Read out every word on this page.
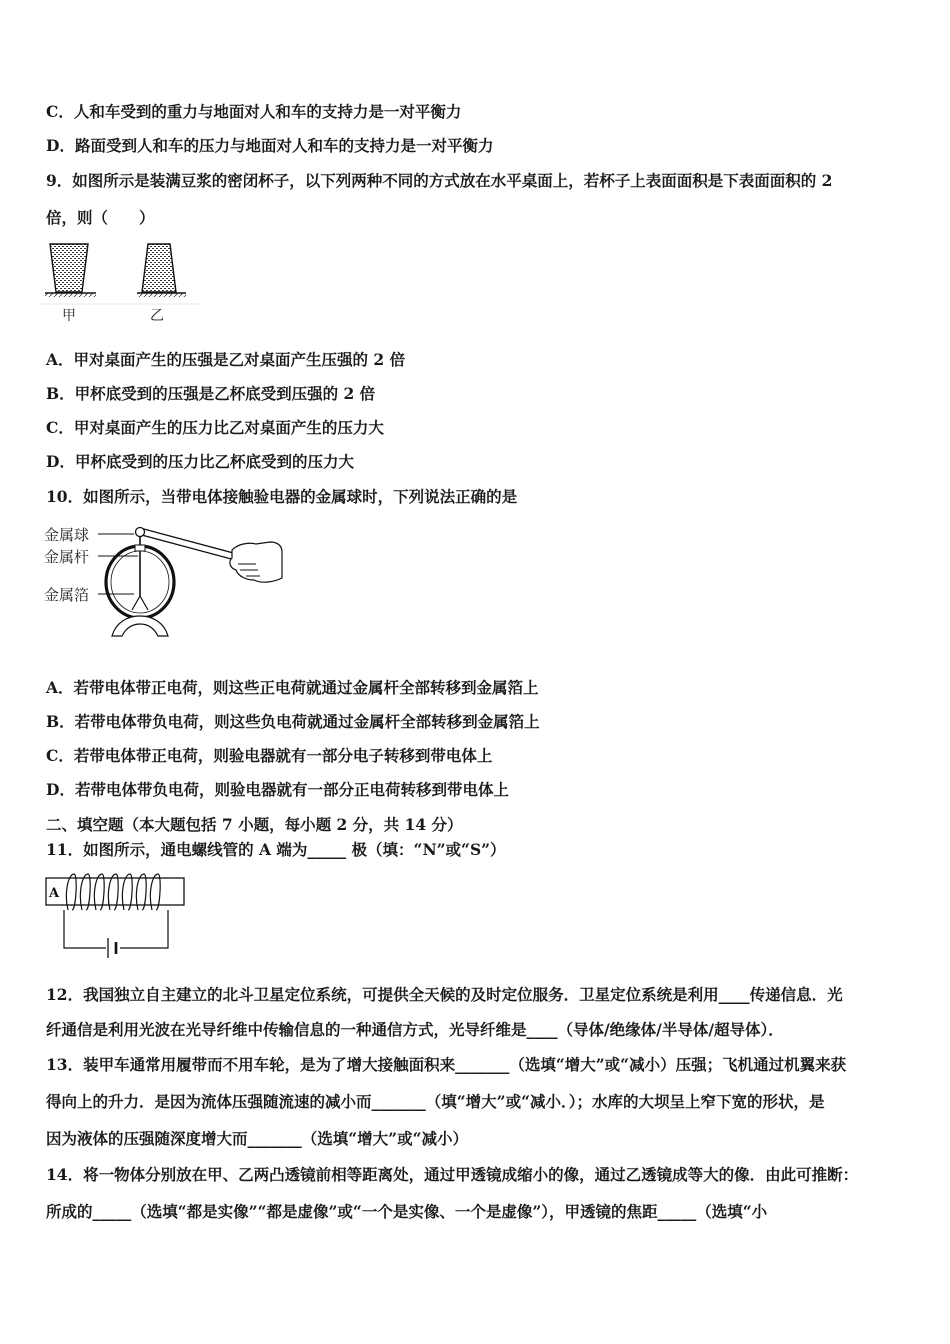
C．人和车受到的重力与地面对人和车的支持力是一对平衡力
D．路面受到人和车的压力与地面对人和车的支持力是一对平衡力
9．如图所示是装满豆浆的密闭杯子，以下列两种不同的方式放在水平桌面上，若杯子上表面面积是下表面面积的 2
倍，则（　　）
甲	乙
A．甲对桌面产生的压强是乙对桌面产生压强的 2 倍
B．甲杯底受到的压强是乙杯底受到压强的 2 倍
C．甲对桌面产生的压力比乙对桌面产生的压力大
D．甲杯底受到的压力比乙杯底受到的压力大
10．如图所示，当带电体接触验电器的金属球时，下列说法正确的是
金属球
金属杆
金属箔
A．若带电体带正电荷，则这些正电荷就通过金属杆全部转移到金属箔上
B．若带电体带负电荷，则这些负电荷就通过金属杆全部转移到金属箔上
C．若带电体带正电荷，则验电器就有一部分电子转移到带电体上
D．若带电体带负电荷，则验电器就有一部分正电荷转移到带电体上
二、填空题（本大题包括 7 小题，每小题 2 分，共 14 分）
11．如图所示，通电螺线管的 A 端为_____ 极（填：“N”或“S”）
A
12．我国独立自主建立的北斗卫星定位系统，可提供全天候的及时定位服务．卫星定位系统是利用____传递信息．光
纤通信是利用光波在光导纤维中传输信息的一种通信方式，光导纤维是____（导体/绝缘体/半导体/超导体）．
13．装甲车通常用履带而不用车轮，是为了增大接触面积来_______（选填“增大”或“减小）压强；飞机通过机翼来获
得向上的升力．是因为流体压强随流速的减小而_______（填“增大”或“减小．）；水库的大坝呈上窄下宽的形状，是
因为液体的压强随深度增大而_______（选填“增大”或“减小）
14．将一物体分别放在甲、乙两凸透镜前相等距离处，通过甲透镜成缩小的像，通过乙透镜成等大的像．由此可推断：
所成的_____（选填“都是实像”“都是虚像”或“一个是实像、一个是虚像”），甲透镜的焦距_____（选填“小
